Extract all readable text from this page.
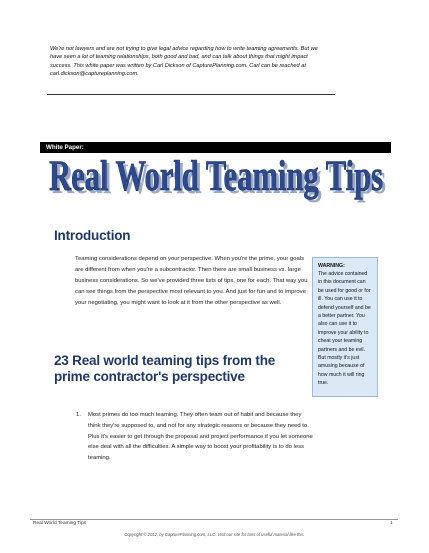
We're not lawyers and are not trying to give legal advice regarding how to write teaming agreements. But we have seen a lot of teaming relationships, both good and bad, and can talk about things that might impact success. This white paper was written by Carl Dickson of CapturePlanning.com. Carl can be reached at carl.dickson@captureplanning.com.
White Paper:
Real World Teaming Tips
Real World Teaming Tips
Introduction
Teaming considerations depend on your perspective. When you're the prime, your goals are different from when you're a subcontractor. Then there are small business vs. large business considerations. So we've provided three lists of tips, one for each. That way you can see things from the perspective most relevant to you. And just for fun and to improve your negotiating, you might want to look at it from the other perspective as well.
WARNING:
The advice contained in this document can be used for good or for ill. You can use it to defend yourself and be a better partner. You also can use it to improve your ability to cheat your teaming partners and be evil. But mostly it's just amusing because of how much it will ring true.
23 Real world teaming tips from the prime contractor's perspective
1. Most primes do too much teaming. They often team out of habit and because they think they're supposed to, and not for any strategic reasons or because they need to. Plus it's easier to get through the proposal and project performance if you let someone else deal with all the difficulties. A simple way to boost your profitability is to do less teaming.
Real World Teaming Tips	1
Copyright © 2012, by CapturePlanning.com, LLC. Visit our site for tons of useful material like this.
